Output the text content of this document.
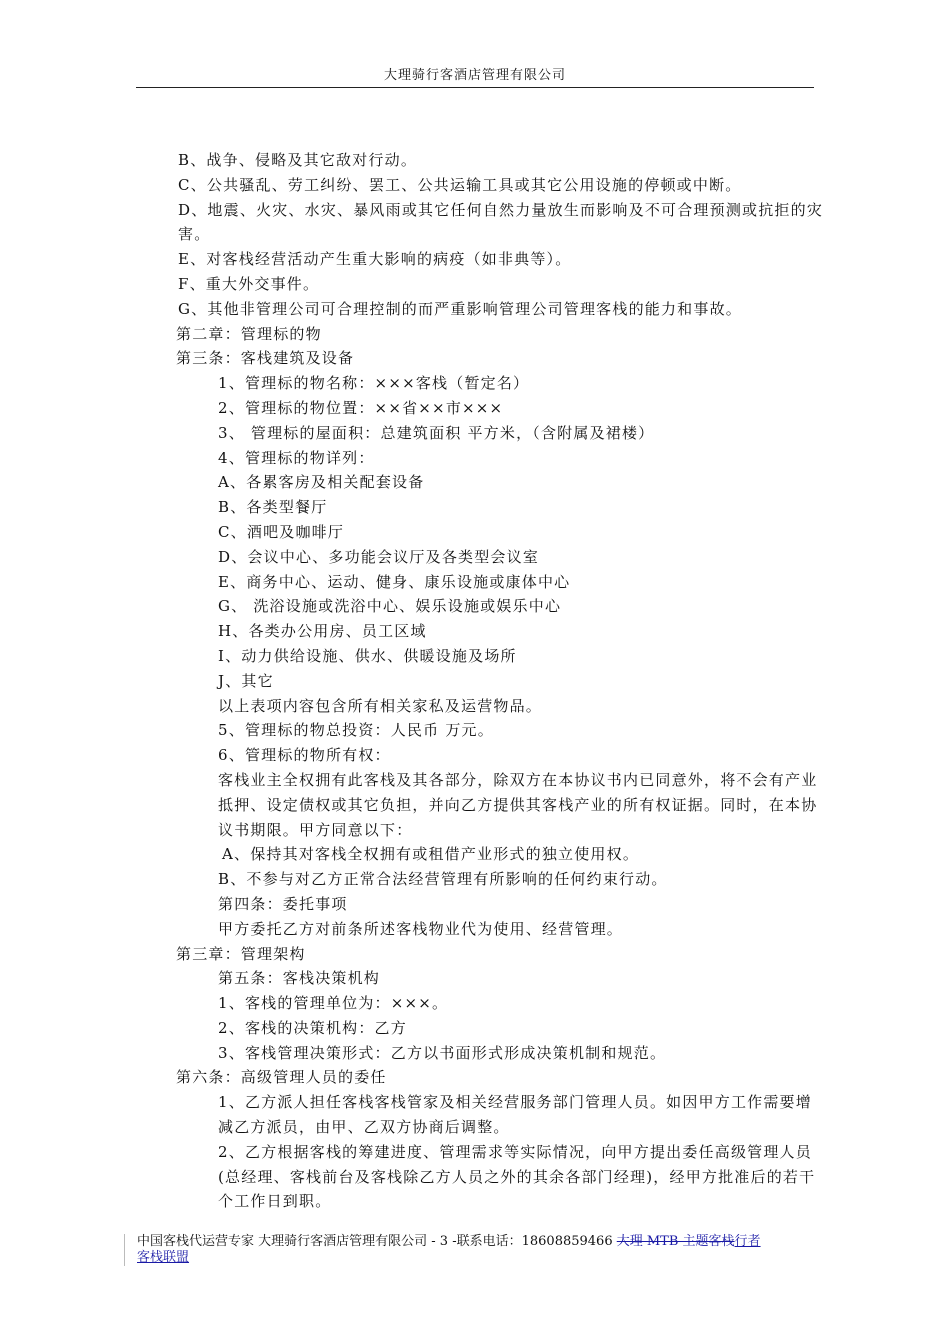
大理骑行客酒店管理有限公司
B、战争、侵略及其它敌对行动。
C、公共骚乱、劳工纠纷、罢工、公共运输工具或其它公用设施的停顿或中断。
D、地震、火灾、水灾、暴风雨或其它任何自然力量放生而影响及不可合理预测或抗拒的灾害。
E、对客栈经营活动产生重大影响的病疫（如非典等）。
F、重大外交事件。
G、其他非管理公司可合理控制的而严重影响管理公司管理客栈的能力和事故。
第二章：管理标的物
第三条：客栈建筑及设备
1、管理标的物名称：×××客栈（暂定名）
2、管理标的物位置：××省××市×××
3、 管理标的屋面积：总建筑面积 平方米，（含附属及裙楼）
4、管理标的物详列：
A、各累客房及相关配套设备
B、各类型餐厅
C、酒吧及咖啡厅
D、会议中心、多功能会议厅及各类型会议室
E、商务中心、运动、健身、康乐设施或康体中心
G、 洗浴设施或洗浴中心、娱乐设施或娱乐中心
H、各类办公用房、员工区域
I、动力供给设施、供水、供暖设施及场所
J、其它
以上表项内容包含所有相关家私及运营物品。
5、管理标的物总投资：人民币 万元。
6、管理标的物所有权：
客栈业主全权拥有此客栈及其各部分，除双方在本协议书内已同意外，将不会有产业抵押、设定债权或其它负担，并向乙方提供其客栈产业的所有权证据。同时，在本协议书期限。甲方同意以下：
A、保持其对客栈全权拥有或租借产业形式的独立使用权。
B、不参与对乙方正常合法经营管理有所影响的任何约束行动。
第四条：委托事项
甲方委托乙方对前条所述客栈物业代为使用、经营管理。
第三章：管理架构
第五条：客栈决策机构
1、客栈的管理单位为：×××。
2、客栈的决策机构：乙方
3、客栈管理决策形式：乙方以书面形式形成决策机制和规范。
第六条：高级管理人员的委任
1、乙方派人担任客栈客栈管家及相关经营服务部门管理人员。如因甲方工作需要增减乙方派员，由甲、乙双方协商后调整。
2、乙方根据客栈的筹建进度、管理需求等实际情况，向甲方提出委任高级管理人员(总经理、客栈前台及客栈除乙方人员之外的其余各部门经理)，经甲方批准后的若干个工作日到职。
中国客栈代运营专家 大理骑行客酒店管理有限公司 - 3 -联系电话：18608859466 大理 MTB 主题客栈行者
客栈联盟
